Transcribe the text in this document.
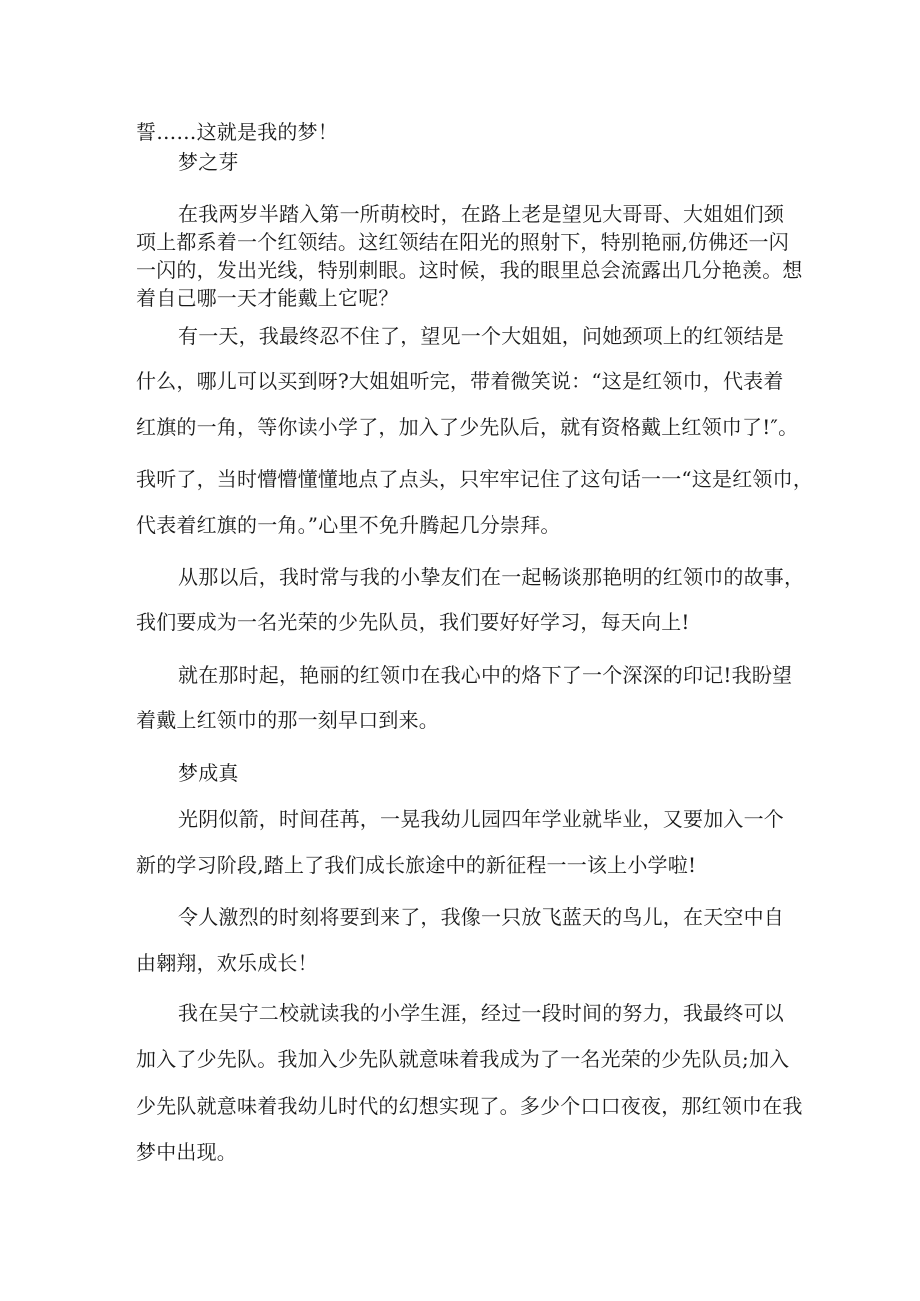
誓……这就是我的梦！

梦之芽

在我两岁半踏入第一所萌校时，在路上老是望见大哥哥、大姐姐们颈

项上都系着一个红领结。这红领结在阳光的照射下，特别艳丽,仿佛还一闪

一闪的，发出光线，特别刺眼。这时候，我的眼里总会流露出几分艳羡。想

着自己哪一天才能戴上它呢？

有一天，我最终忍不住了，望见一个大姐姐，问她颈项上的红领结是

什么，哪儿可以买到呀?大姐姐听完，带着微笑说：“这是红领巾，代表着

红旗的一角，等你读小学了，加入了少先队后，就有资格戴上红领巾了!″。

我听了，当时懵懵懂懂地点了点头，只牢牢记住了这句话一一“这是红领巾，

代表着红旗的一角。”心里不免升腾起几分崇拜。

从那以后，我时常与我的小挚友们在一起畅谈那艳明的红领巾的故事，

我们要成为一名光荣的少先队员，我们要好好学习，每天向上!

就在那时起，艳丽的红领巾在我心中的烙下了一个深深的印记!我盼望

着戴上红领巾的那一刻早口到来。

梦成真

光阴似箭，时间荏苒，一晃我幼儿园四年学业就毕业，又要加入一个

新的学习阶段,踏上了我们成长旅途中的新征程一一该上小学啦!

令人激烈的时刻将要到来了，我像一只放飞蓝天的鸟儿，在天空中自

由翱翔，欢乐成长！

我在吴宁二校就读我的小学生涯，经过一段时间的努力，我最终可以

加入了少先队。我加入少先队就意味着我成为了一名光荣的少先队员;加入

少先队就意味着我幼儿时代的幻想实现了。多少个口口夜夜，那红领巾在我

梦中出现。
